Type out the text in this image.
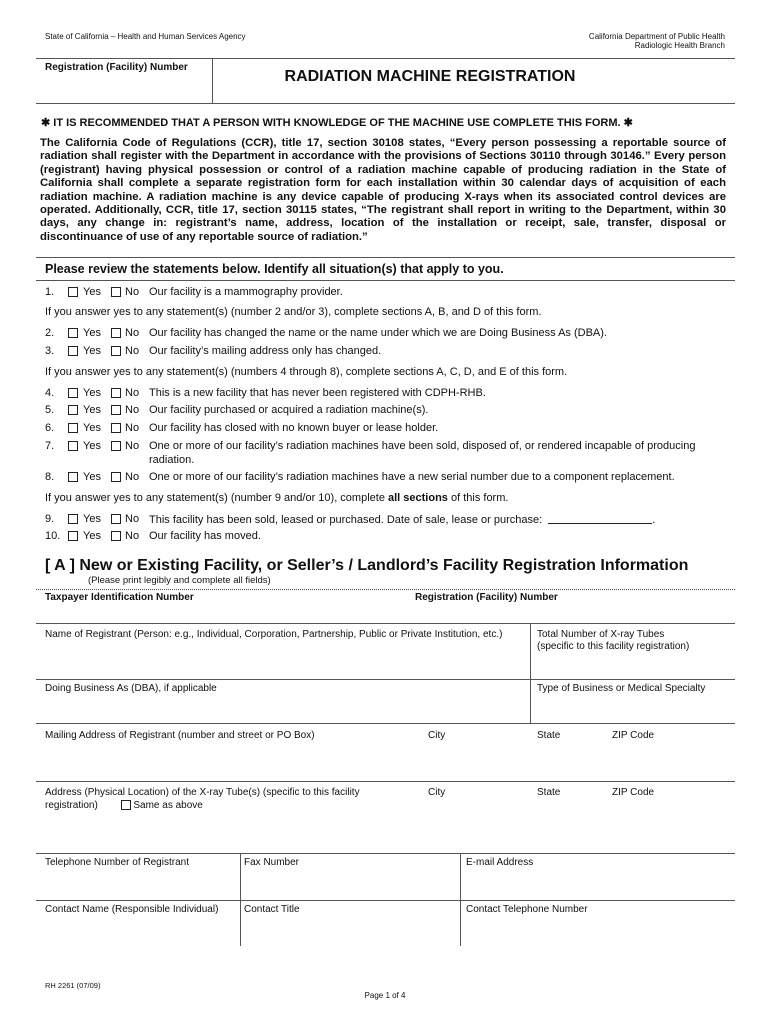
State of California – Health and Human Services Agency	California Department of Public Health
Radiologic Health Branch
Registration (Facility) Number
RADIATION MACHINE REGISTRATION
✱ IT IS RECOMMENDED THAT A PERSON WITH KNOWLEDGE OF THE MACHINE USE COMPLETE THIS FORM. ✱
The California Code of Regulations (CCR), title 17, section 30108 states, “Every person possessing a reportable source of radiation shall register with the Department in accordance with the provisions of Sections 30110 through 30146.” Every person (registrant) having physical possession or control of a radiation machine capable of producing radiation in the State of California shall complete a separate registration form for each installation within 30 calendar days of acquisition of each radiation machine. A radiation machine is any device capable of producing X-rays when its associated control devices are operated. Additionally, CCR, title 17, section 30115 states, “The registrant shall report in writing to the Department, within 30 days, any change in: registrant’s name, address, location of the installation or receipt, sale, transfer, disposal or discontinuance of use of any reportable source of radiation.”
Please review the statements below. Identify all situation(s) that apply to you.
1.	Yes No Our facility is a mammography provider.
2.	Yes No Our facility has changed the name or the name under which we are Doing Business As (DBA).
3.	Yes No Our facility’s mailing address only has changed.
4.	Yes No This is a new facility that has never been registered with CDPH-RHB.
5.	Yes No Our facility purchased or acquired a radiation machine(s).
6.	Yes No Our facility has closed with no known buyer or lease holder.
7.	Yes No One or more of our facility’s radiation machines have been sold, disposed of, or rendered incapable of producing
radiation.
8.	Yes No One or more of our facility’s radiation machines have a new serial number due to a component replacement.
9.	Yes No This facility has been sold, leased or purchased. Date of sale, lease or purchase:	.
10. Yes No Our facility has moved.
If you answer yes to any statement(s) (number 2 and/or 3), complete sections A, B, and D of this form.
If you answer yes to any statement(s) (numbers 4 through 8), complete sections A, C, D, and E of this form.
If you answer yes to any statement(s) (number 9 and/or 10), complete all sections of this form.
[ A ] New or Existing Facility, or Seller’s / Landlord’s Facility Registration Information
(Please print legibly and complete all fields)
Taxpayer Identification Number	Registration (Facility) Number
Name of Registrant (Person: e.g., Individual, Corporation, Partnership, Public or Private Institution, etc.)	Total Number of X-ray Tubes
(specific to this facility registration)
Doing Business As (DBA), if applicable	Type of Business or Medical Specialty
Mailing Address of Registrant (number and street or PO Box)	City	State	ZIP Code
Address (Physical Location) of the X-ray Tube(s) (specific to this facility
registration)	Same as above
City	State	ZIP Code
Telephone Number of Registrant	Fax Number	E-mail Address
Contact Name (Responsible Individual)	Contact Title	Contact Telephone Number
RH 2261 (07/09)
Page 1 of 4
